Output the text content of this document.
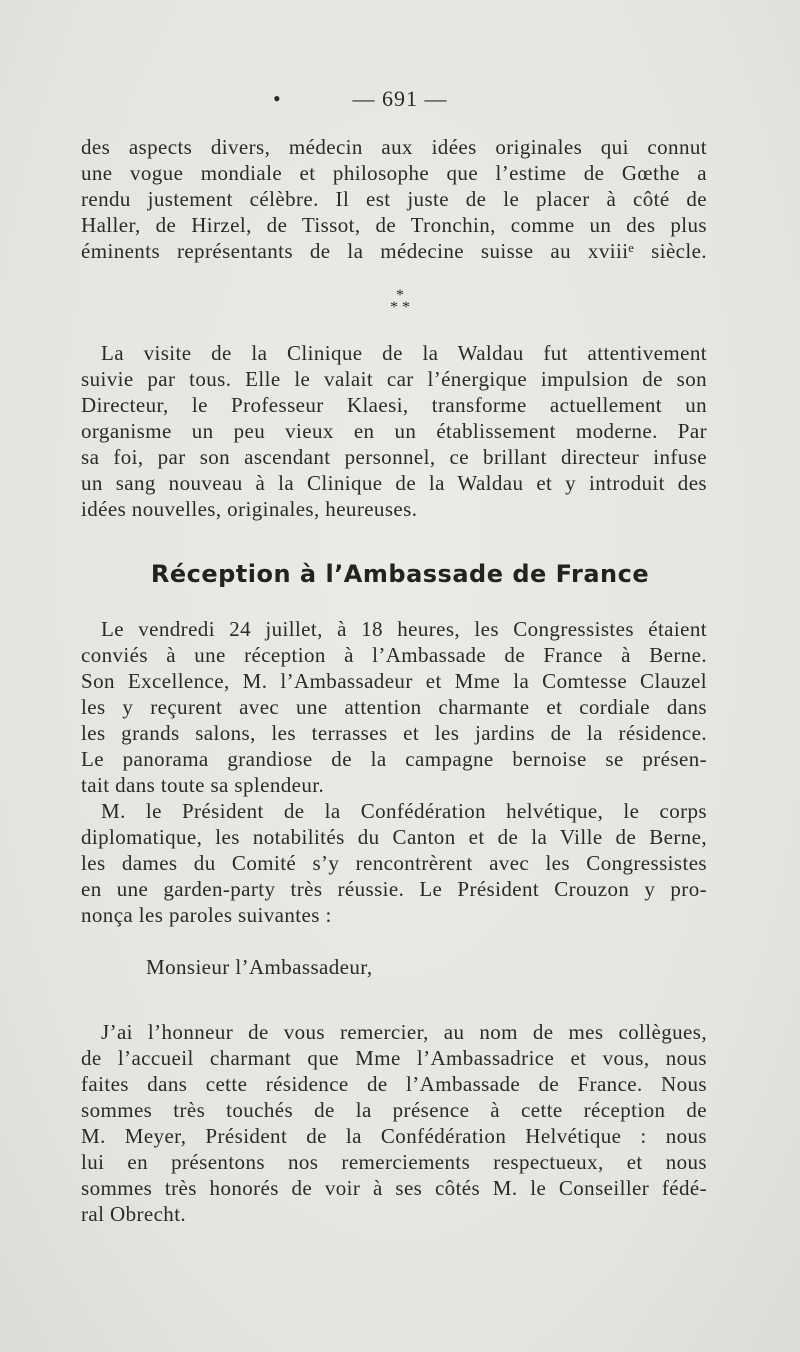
•	— 691 —
des aspects divers, médecin aux idées originales qui connut
une vogue mondiale et philosophe que l’estime de Gœthe a
rendu justement célèbre. Il est juste de le placer à côté de
Haller, de Hirzel, de Tissot, de Tronchin, comme un des plus
éminents représentants de la médecine suisse au xviiiᵉ siècle.
*
* *
La visite de la Clinique de la Waldau fut attentivement
suivie par tous. Elle le valait car l’énergique impulsion de son
Directeur, le Professeur Klaesi, transforme actuellement un
organisme un peu vieux en un établissement moderne. Par
sa foi, par son ascendant personnel, ce brillant directeur infuse
un sang nouveau à la Clinique de la Waldau et y introduit des
idées nouvelles, originales, heureuses.
Réception à l’Ambassade de France
Le vendredi 24 juillet, à 18 heures, les Congressistes étaient
conviés à une réception à l’Ambassade de France à Berne.
Son Excellence, M. l’Ambassadeur et Mme la Comtesse Clauzel
les y reçurent avec une attention charmante et cordiale dans
les grands salons, les terrasses et les jardins de la résidence.
Le panorama grandiose de la campagne bernoise se présen-
tait dans toute sa splendeur.
M. le Président de la Confédération helvétique, le corps
diplomatique, les notabilités du Canton et de la Ville de Berne,
les dames du Comité s’y rencontrèrent avec les Congressistes
en une garden-party très réussie. Le Président Crouzon y pro-
nonça les paroles suivantes :
Monsieur l’Ambassadeur,
J’ai l’honneur de vous remercier, au nom de mes collègues,
de l’accueil charmant que Mme l’Ambassadrice et vous, nous
faites dans cette résidence de l’Ambassade de France. Nous
sommes très touchés de la présence à cette réception de
M. Meyer, Président de la Confédération Helvétique : nous
lui en présentons nos remerciements respectueux, et nous
sommes très honorés de voir à ses côtés M. le Conseiller fédé-
ral Obrecht.
